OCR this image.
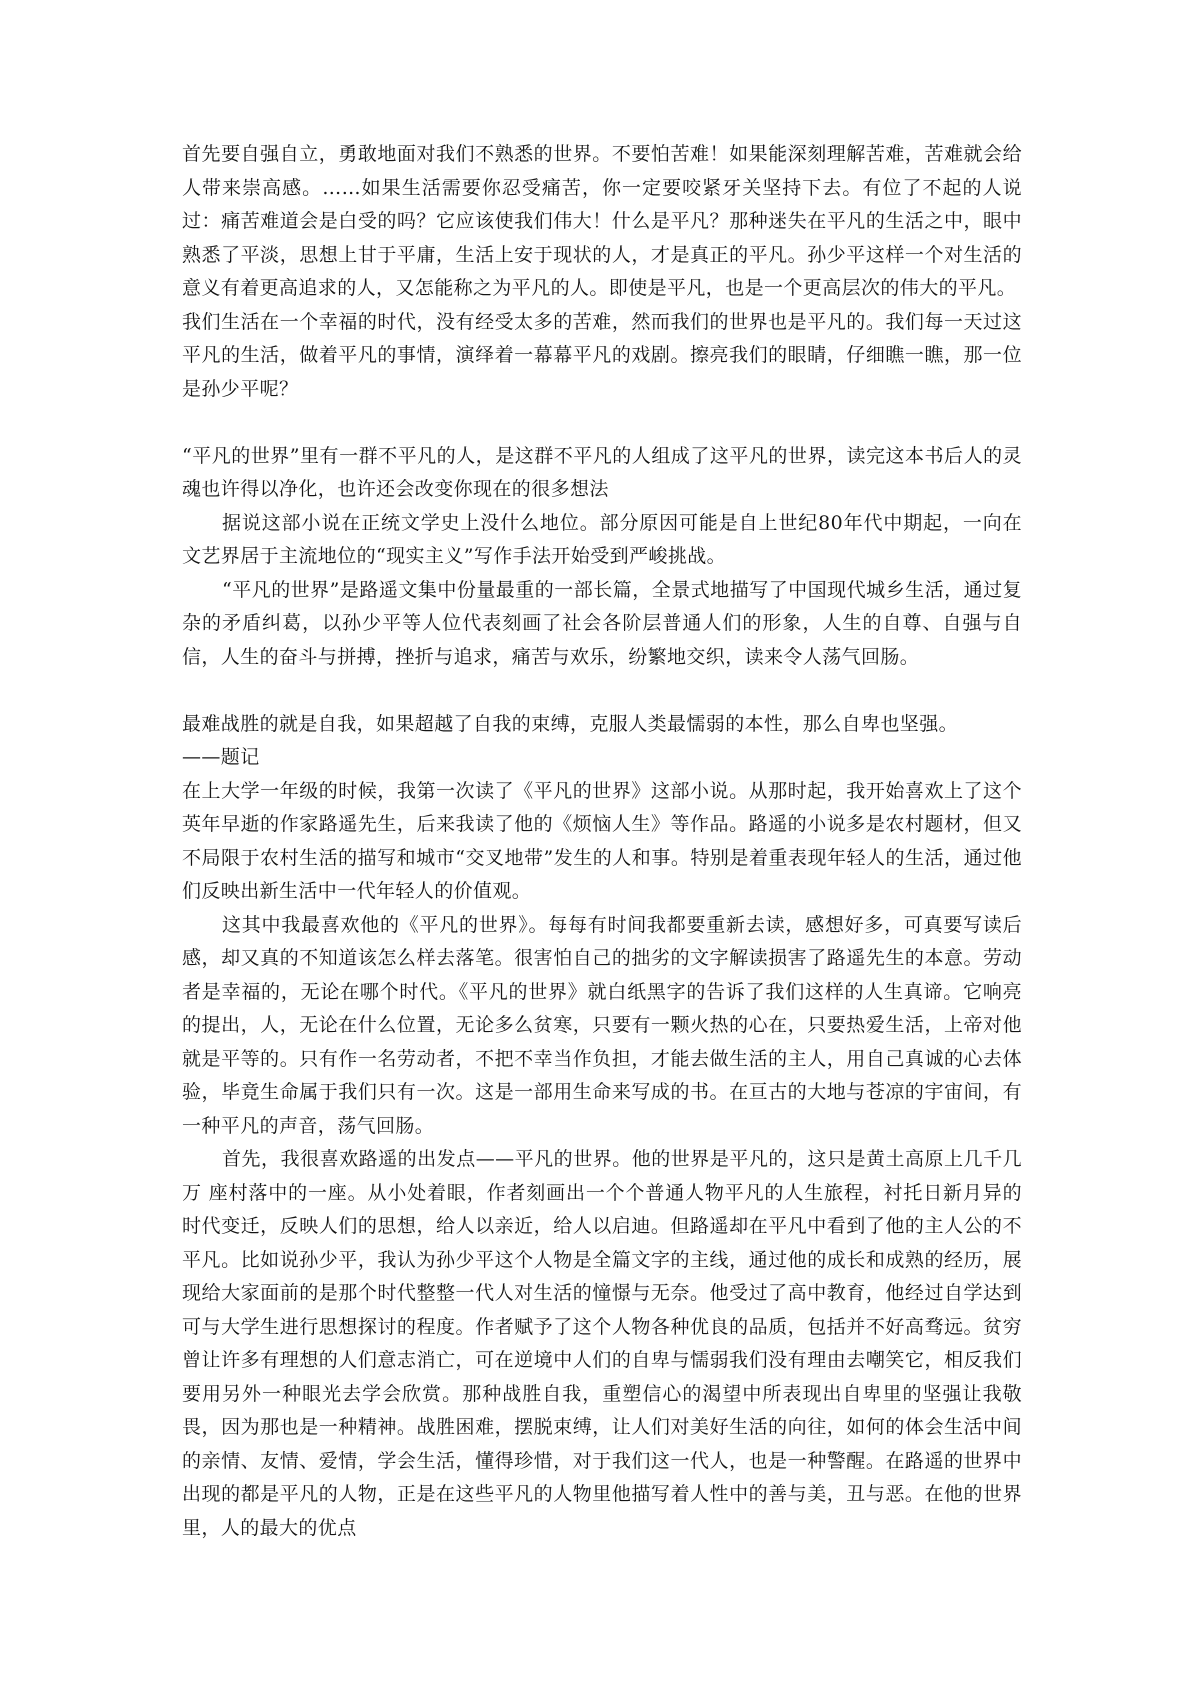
首先要自强自立，勇敢地面对我们不熟悉的世界。不要怕苦难！如果能深刻理解苦难，苦难就会给人带来崇高感。……如果生活需要你忍受痛苦，你一定要咬紧牙关坚持下去。有位了不起的人说过：痛苦难道会是白受的吗？它应该使我们伟大！什么是平凡？那种迷失在平凡的生活之中，眼中熟悉了平淡，思想上甘于平庸，生活上安于现状的人，才是真正的平凡。孙少平这样一个对生活的意义有着更高追求的人，又怎能称之为平凡的人。即使是平凡，也是一个更高层次的伟大的平凡。

我们生活在一个幸福的时代，没有经受太多的苦难，然而我们的世界也是平凡的。我们每一天过这平凡的生活，做着平凡的事情，演绎着一幕幕平凡的戏剧。擦亮我们的眼睛，仔细瞧一瞧，那一位是孙少平呢？

“平凡的世界”里有一群不平凡的人，是这群不平凡的人组成了这平凡的世界，读完这本书后人的灵魂也许得以净化，也许还会改变你现在的很多想法

据说这部小说在正统文学史上没什么地位。部分原因可能是自上世纪80年代中期起，一向在文艺界居于主流地位的“现实主义”写作手法开始受到严峻挑战。

“平凡的世界”是路遥文集中份量最重的一部长篇，全景式地描写了中国现代城乡生活，通过复杂的矛盾纠葛，以孙少平等人位代表刻画了社会各阶层普通人们的形象，人生的自尊、自强与自信，人生的奋斗与拼搏，挫折与追求，痛苦与欢乐，纷繁地交织，读来令人荡气回肠。

最难战胜的就是自我，如果超越了自我的束缚，克服人类最懦弱的本性，那么自卑也坚强。

——题记

在上大学一年级的时候，我第一次读了《平凡的世界》这部小说。从那时起，我开始喜欢上了这个英年早逝的作家路遥先生，后来我读了他的《烦恼人生》等作品。路遥的小说多是农村题材，但又不局限于农村生活的描写和城市“交叉地带”发生的人和事。特别是着重表现年轻人的生活，通过他们反映出新生活中一代年轻人的价值观。

这其中我最喜欢他的《平凡的世界》。每每有时间我都要重新去读，感想好多，可真要写读后感，却又真的不知道该怎么样去落笔。很害怕自己的拙劣的文字解读损害了路遥先生的本意。劳动者是幸福的，无论在哪个时代。《平凡的世界》就白纸黑字的告诉了我们这样的人生真谛。它响亮的提出，人，无论在什么位置，无论多么贫寒，只要有一颗火热的心在，只要热爱生活，上帝对他就是平等的。只有作一名劳动者，不把不幸当作负担，才能去做生活的主人，用自己真诚的心去体验，毕竟生命属于我们只有一次。这是一部用生命来写成的书。在亘古的大地与苍凉的宇宙间，有一种平凡的声音，荡气回肠。

首先，我很喜欢路遥的出发点——平凡的世界。他的世界是平凡的，这只是黄土高原上几千几万 座村落中的一座。从小处着眼，作者刻画出一个个普通人物平凡的人生旅程，衬托日新月异的时代变迁，反映人们的思想，给人以亲近，给人以启迪。但路遥却在平凡中看到了他的主人公的不平凡。比如说孙少平，我认为孙少平这个人物是全篇文字的主线，通过他的成长和成熟的经历，展现给大家面前的是那个时代整整一代人对生活的憧憬与无奈。他受过了高中教育，他经过自学达到可与大学生进行思想探讨的程度。作者赋予了这个人物各种优良的品质，包括并不好高骛远。贫穷曾让许多有理想的人们意志消亡，可在逆境中人们的自卑与懦弱我们没有理由去嘲笑它，相反我们要用另外一种眼光去学会欣赏。那种战胜自我，重塑信心的渴望中所表现出自卑里的坚强让我敬畏，因为那也是一种精神。战胜困难，摆脱束缚，让人们对美好生活的向往，如何的体会生活中间的亲情、友情、爱情，学会生活，懂得珍惜，对于我们这一代人，也是一种警醒。在路遥的世界中出现的都是平凡的人物，正是在这些平凡的人物里他描写着人性中的善与美，丑与恶。在他的世界里，人的最大的优点
